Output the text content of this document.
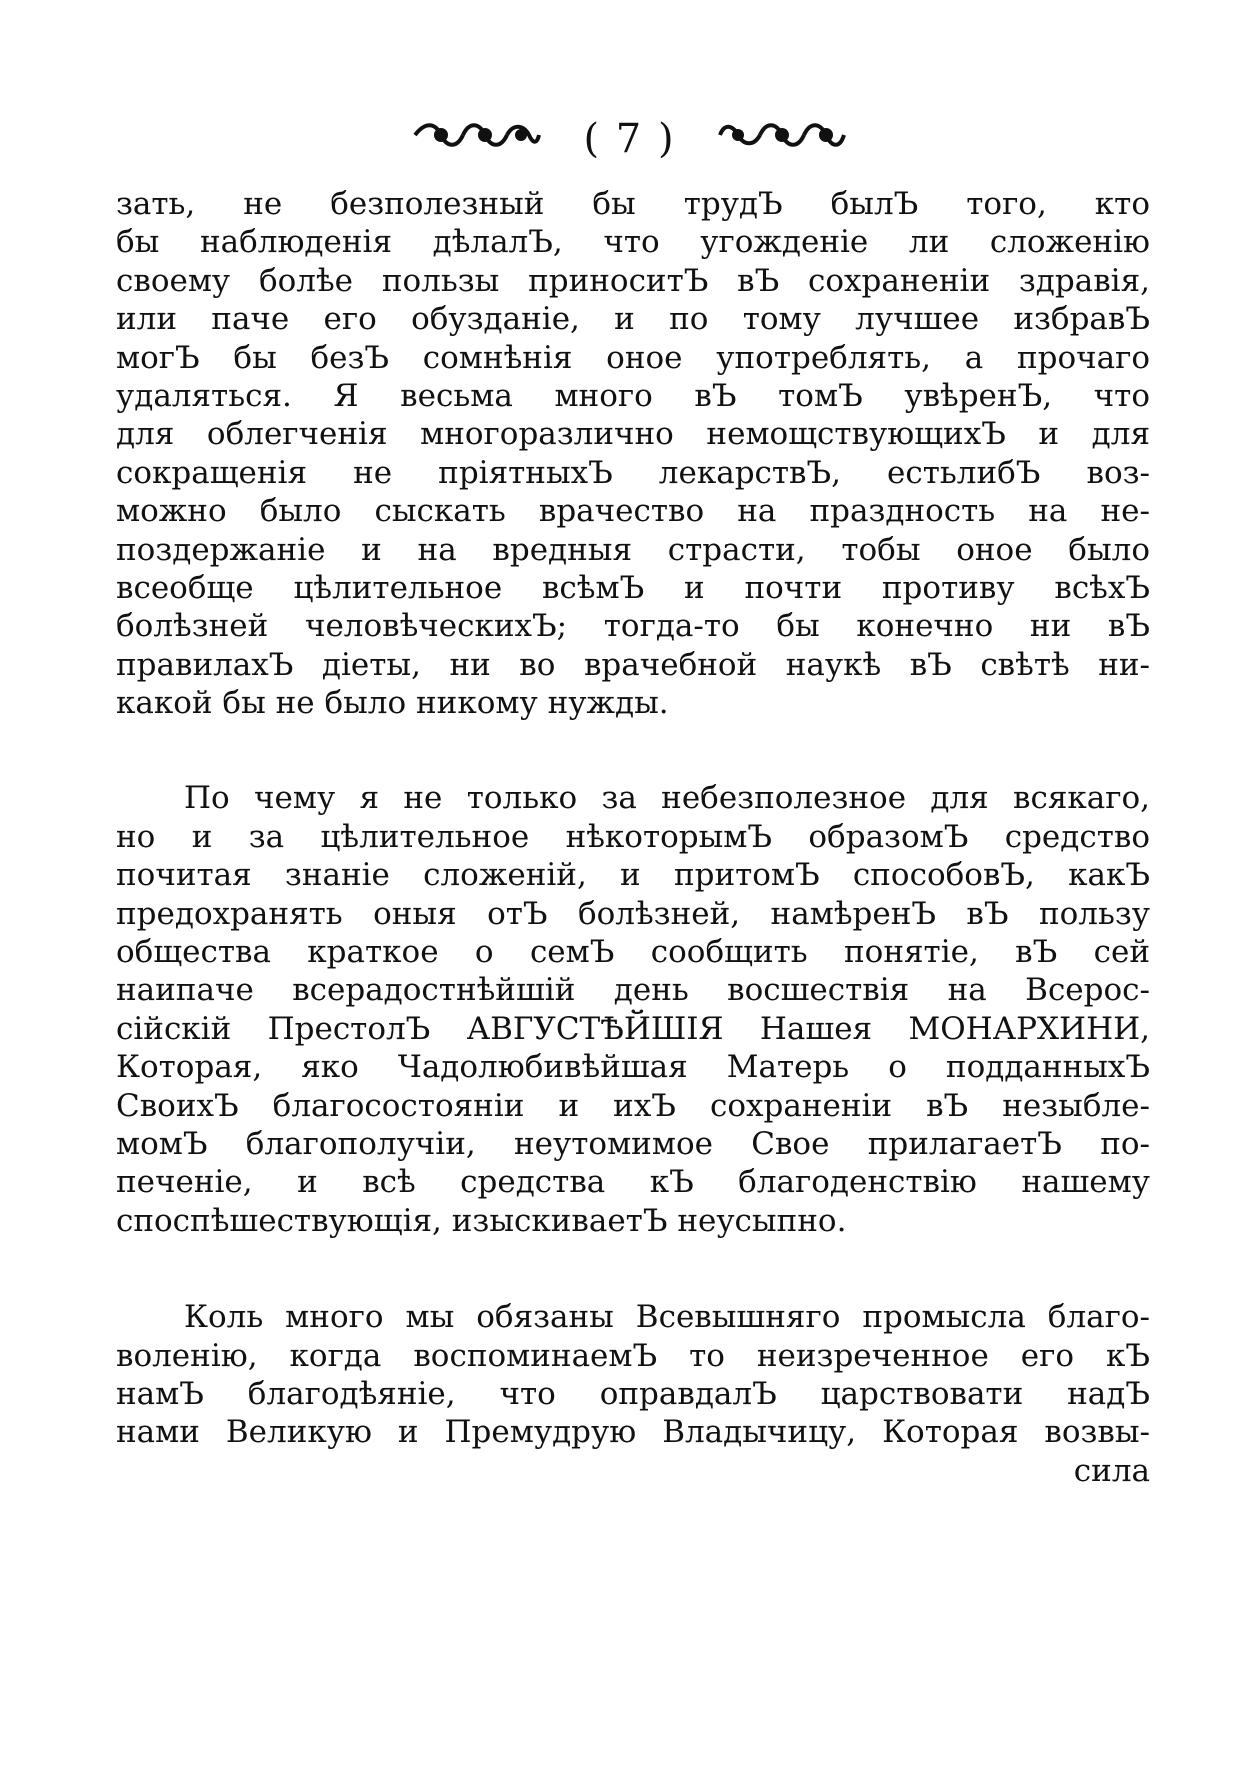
( 7 )
зать, не безполезный бы трудЪ былЪ того, кто
бы наблюденія дѣлалЪ, что угожденіе ли сложенію
своему болѣе пользы приноситЪ вЪ сохраненіи здравія,
или паче его обузданіе, и по тому лучшее избравЪ
могЪ бы безЪ сомнѣнія оное употреблять, а прочаго
удаляться. Я весьма много вЪ томЪ увѣренЪ, что
для облегченія многоразлично немощствующихЪ и для
сокращенія не пріятныхЪ лекарствЪ, естьлибЪ воз-
можно было сыскать врачество на праздность на не-
поздержаніе и на вредныя страсти, тобы оное было
всеобще цѣлительное всѣмЪ и почти противу всѣхЪ
болѣзней человѣческихЪ; тогда-то бы конечно ни вЪ
правилахЪ діеты, ни во врачебной наукѣ вЪ свѣтѣ ни-
какой бы не было никому нужды.
По чему я не только за небезполезное для всякаго,
но и за цѣлительное нѣкоторымЪ образомЪ средство
почитая знаніе сложеній, и притомЪ способовЪ, какЪ
предохранять оныя отЪ болѣзней, намѣренЪ вЪ пользу
общества краткое о семЪ сообщить понятіе, вЪ сей
наипаче всерадостнѣйшій день восшествія на Всерос-
сійскій ПрестолЪ АВГУСТѢЙШІЯ Нашея МОНАРХИНИ,
Которая, яко Чадолюбивѣйшая Матерь о подданныхЪ
СвоихЪ благосостояніи и ихЪ сохраненіи вЪ незыбле-
момЪ благополучіи, неутомимое Свое прилагаетЪ по-
печеніе, и всѣ средства кЪ благоденствію нашему
споспѣшествующія, изыскиваетЪ неусыпно.
Коль много мы обязаны Всевышняго промысла благо-
воленію, когда воспоминаемЪ то неизреченное его кЪ
намЪ благодѣяніе, что оправдалЪ царствовати надЪ
нами Великую и Премудрую Владычицу, Которая возвы-
сила
